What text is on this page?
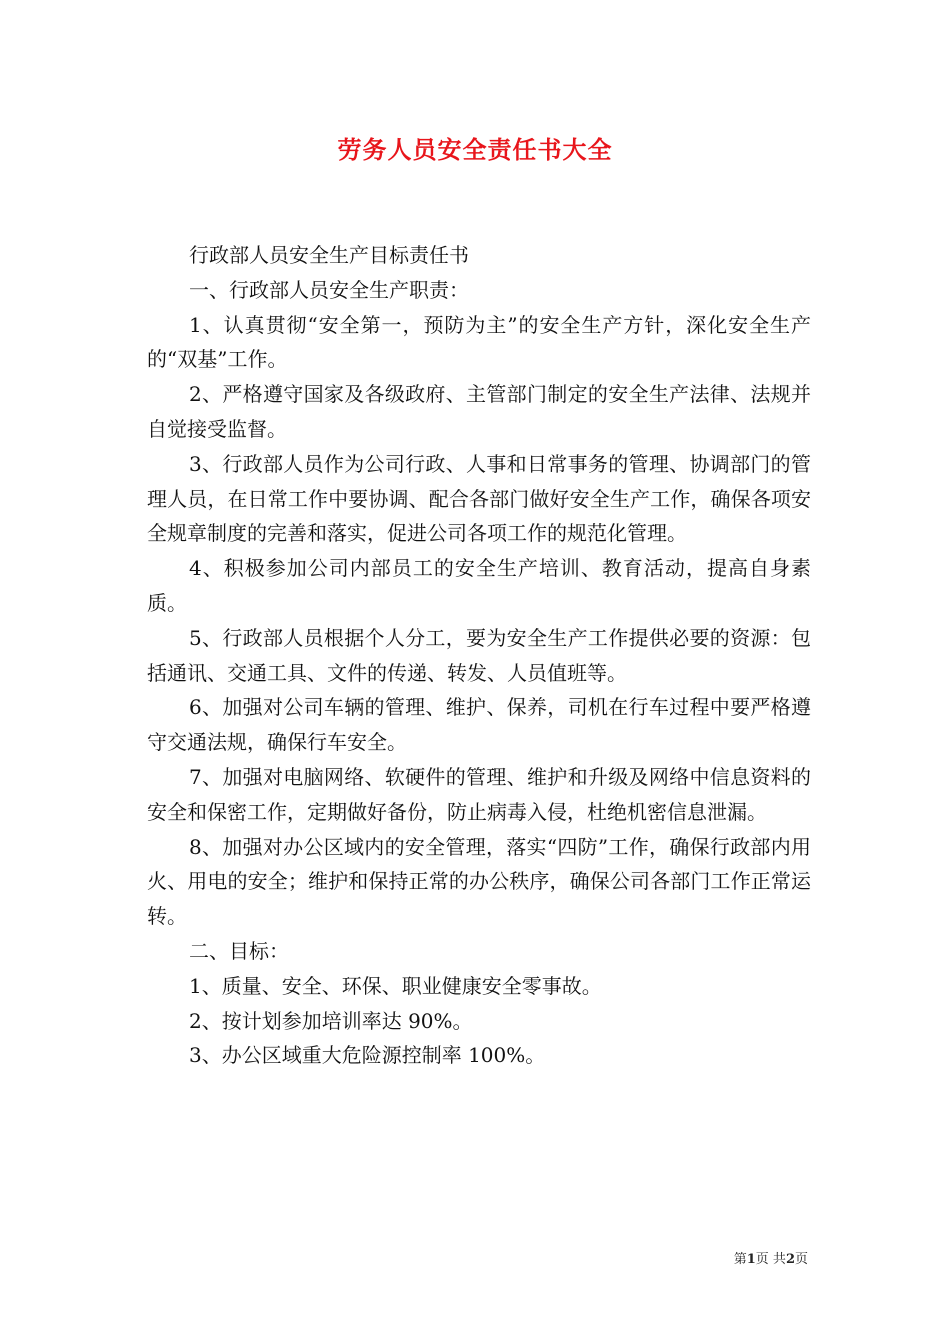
劳务人员安全责任书大全

行政部人员安全生产目标责任书

一、行政部人员安全生产职责：

1、认真贯彻“安全第一，预防为主”的安全生产方针，深化安全生产的“双基”工作。

2、严格遵守国家及各级政府、主管部门制定的安全生产法律、法规并自觉接受监督。

3、行政部人员作为公司行政、人事和日常事务的管理、协调部门的管理人员，在日常工作中要协调、配合各部门做好安全生产工作，确保各项安全规章制度的完善和落实，促进公司各项工作的规范化管理。

4、积极参加公司内部员工的安全生产培训、教育活动，提高自身素质。

5、行政部人员根据个人分工，要为安全生产工作提供必要的资源：包括通讯、交通工具、文件的传递、转发、人员值班等。

6、加强对公司车辆的管理、维护、保养，司机在行车过程中要严格遵守交通法规，确保行车安全。

7、加强对电脑网络、软硬件的管理、维护和升级及网络中信息资料的安全和保密工作，定期做好备份，防止病毒入侵，杜绝机密信息泄漏。

8、加强对办公区域内的安全管理，落实“四防”工作，确保行政部内用火、用电的安全；维护和保持正常的办公秩序，确保公司各部门工作正常运转。

二、目标：

1、质量、安全、环保、职业健康安全零事故。

2、按计划参加培训率达 90%。

3、办公区域重大危险源控制率 100%。

第1页 共2页
